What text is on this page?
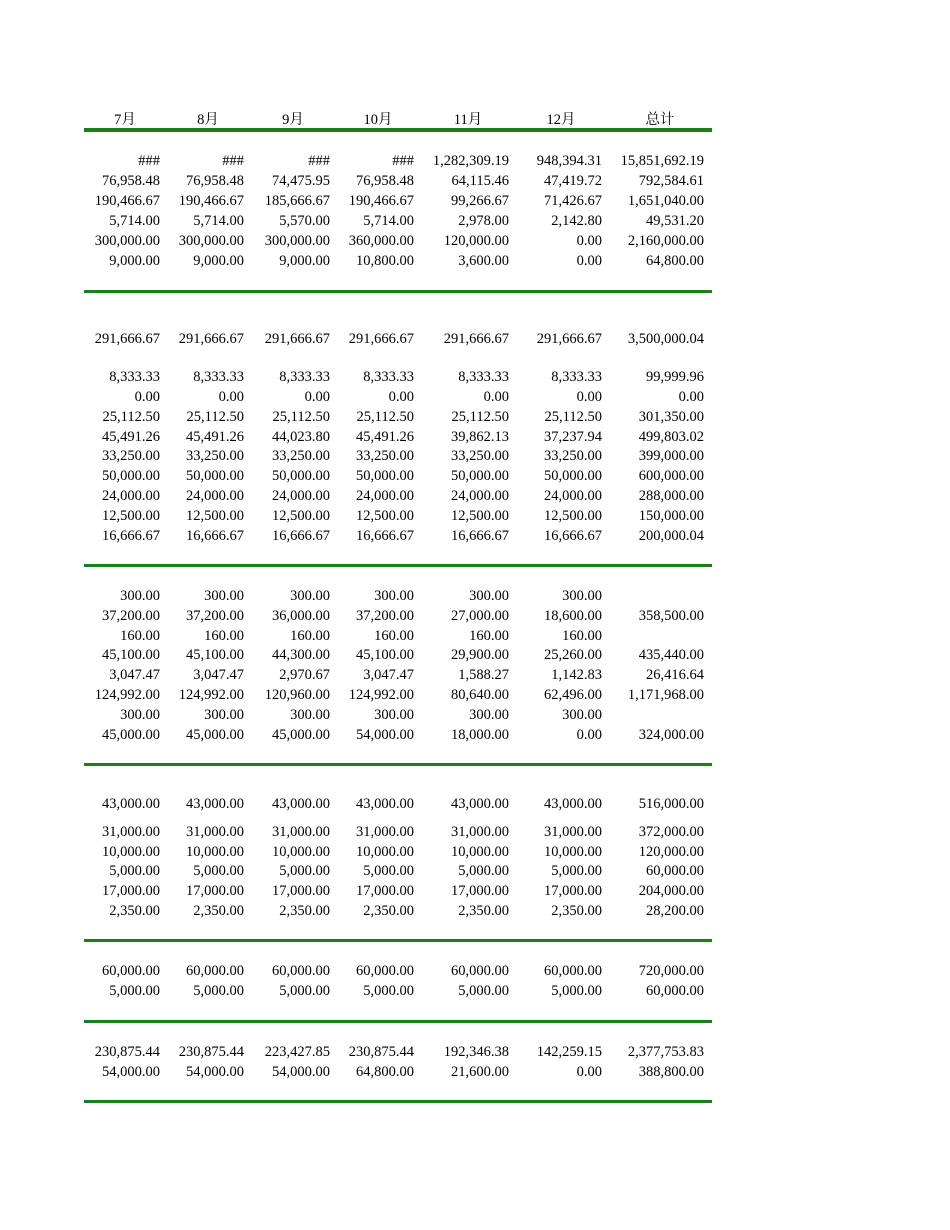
7月	8月	9月	10月	11月	12月	总计
###	###	###	###	1,282,309.19	948,394.31	15,851,692.19
76,958.48	76,958.48	74,475.95	76,958.48	64,115.46	47,419.72	792,584.61
190,466.67	190,466.67	185,666.67	190,466.67	99,266.67	71,426.67	1,651,040.00
5,714.00	5,714.00	5,570.00	5,714.00	2,978.00	2,142.80	49,531.20
300,000.00	300,000.00	300,000.00	360,000.00	120,000.00	0.00	2,160,000.00
9,000.00	9,000.00	9,000.00	10,800.00	3,600.00	0.00	64,800.00
291,666.67	291,666.67	291,666.67	291,666.67	291,666.67	291,666.67	3,500,000.04
8,333.33	8,333.33	8,333.33	8,333.33	8,333.33	8,333.33	99,999.96
0.00	0.00	0.00	0.00	0.00	0.00	0.00
25,112.50	25,112.50	25,112.50	25,112.50	25,112.50	25,112.50	301,350.00
45,491.26	45,491.26	44,023.80	45,491.26	39,862.13	37,237.94	499,803.02
33,250.00	33,250.00	33,250.00	33,250.00	33,250.00	33,250.00	399,000.00
50,000.00	50,000.00	50,000.00	50,000.00	50,000.00	50,000.00	600,000.00
24,000.00	24,000.00	24,000.00	24,000.00	24,000.00	24,000.00	288,000.00
12,500.00	12,500.00	12,500.00	12,500.00	12,500.00	12,500.00	150,000.00
16,666.67	16,666.67	16,666.67	16,666.67	16,666.67	16,666.67	200,000.04
300.00	300.00	300.00	300.00	300.00	300.00
37,200.00	37,200.00	36,000.00	37,200.00	27,000.00	18,600.00	358,500.00
160.00	160.00	160.00	160.00	160.00	160.00
45,100.00	45,100.00	44,300.00	45,100.00	29,900.00	25,260.00	435,440.00
3,047.47	3,047.47	2,970.67	3,047.47	1,588.27	1,142.83	26,416.64
124,992.00	124,992.00	120,960.00	124,992.00	80,640.00	62,496.00	1,171,968.00
300.00	300.00	300.00	300.00	300.00	300.00
45,000.00	45,000.00	45,000.00	54,000.00	18,000.00	0.00	324,000.00
43,000.00	43,000.00	43,000.00	43,000.00	43,000.00	43,000.00	516,000.00
31,000.00	31,000.00	31,000.00	31,000.00	31,000.00	31,000.00	372,000.00
10,000.00	10,000.00	10,000.00	10,000.00	10,000.00	10,000.00	120,000.00
5,000.00	5,000.00	5,000.00	5,000.00	5,000.00	5,000.00	60,000.00
17,000.00	17,000.00	17,000.00	17,000.00	17,000.00	17,000.00	204,000.00
2,350.00	2,350.00	2,350.00	2,350.00	2,350.00	2,350.00	28,200.00
60,000.00	60,000.00	60,000.00	60,000.00	60,000.00	60,000.00	720,000.00
5,000.00	5,000.00	5,000.00	5,000.00	5,000.00	5,000.00	60,000.00
230,875.44	230,875.44	223,427.85	230,875.44	192,346.38	142,259.15	2,377,753.83
54,000.00	54,000.00	54,000.00	64,800.00	21,600.00	0.00	388,800.00
